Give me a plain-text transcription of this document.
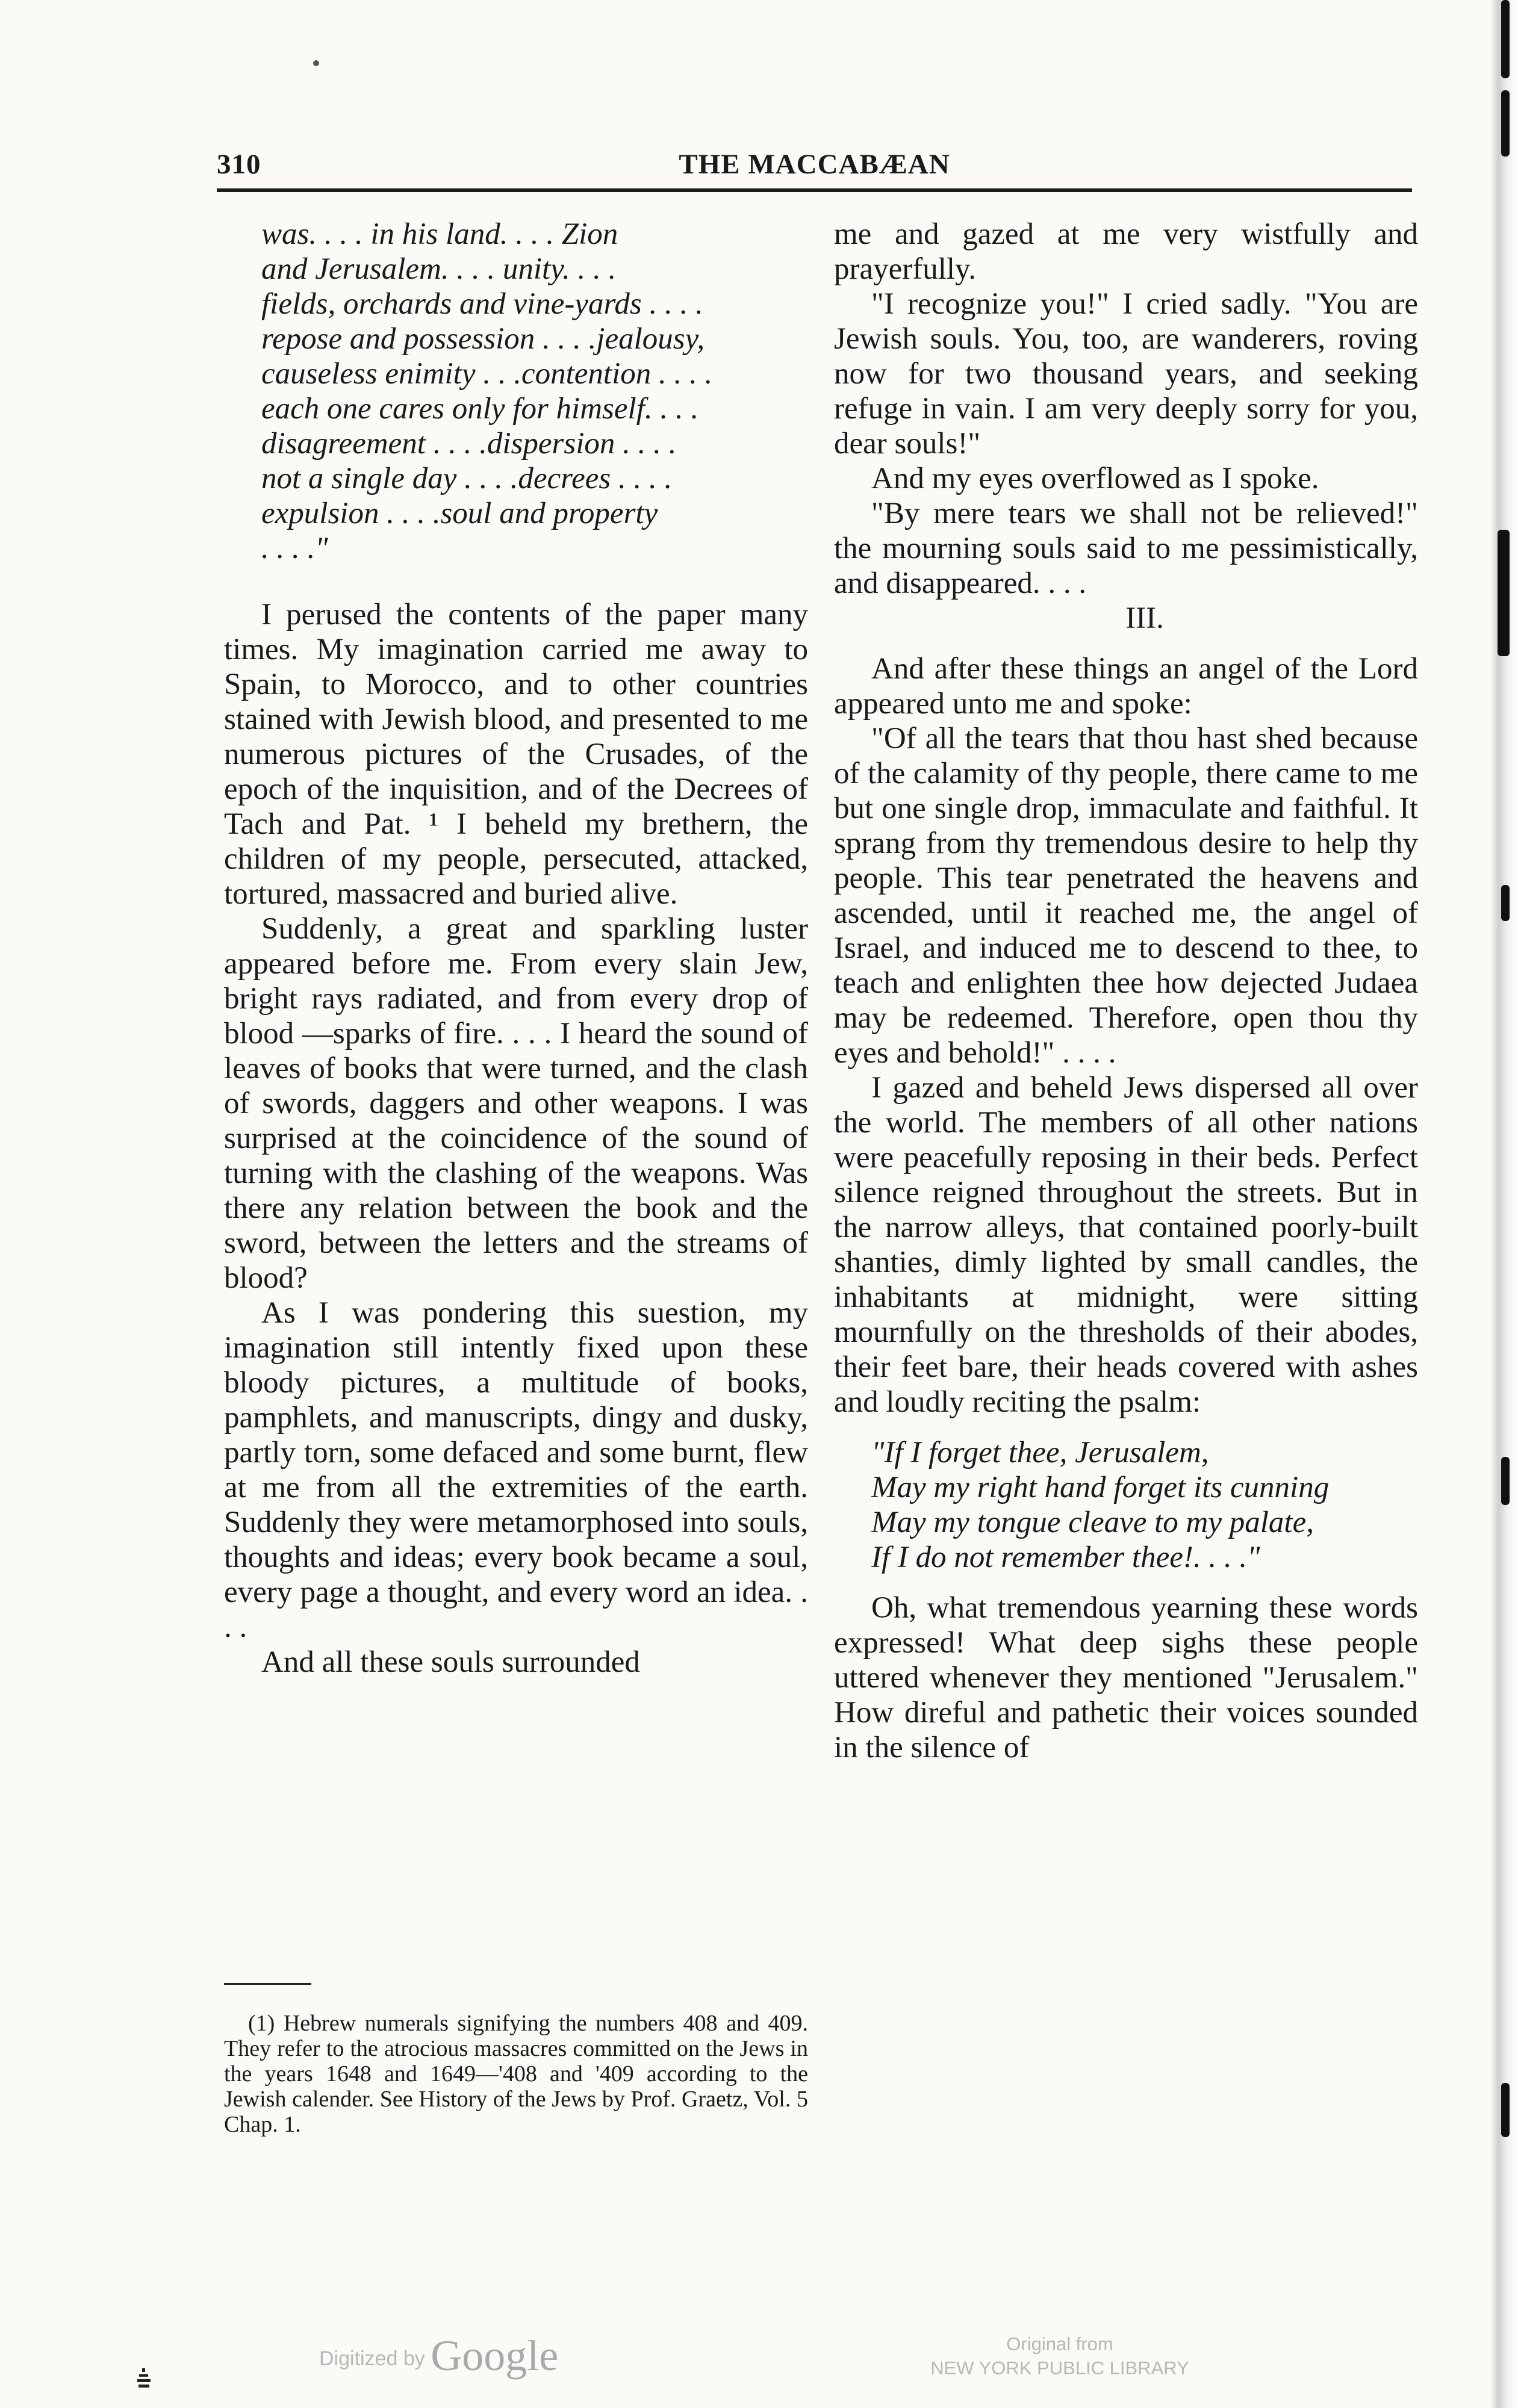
310	THE MACCABÆAN

was. . . . in his land. . . . Zion

and Jerusalem. . . . unity. . . .

fields, orchards and vine-yards . . . .

repose and possession . . . .jealousy,

causeless enimity . . .contention . . . .

each one cares only for himself. . . .

disagreement . . . .dispersion . . . .

not a single day . . . .decrees . . . .

expulsion . . . .soul and property

. . . ."

I perused the contents of the paper many times. My imagination carried me away to Spain, to Morocco, and to other countries stained with Jewish blood, and presented to me numerous pictures of the Crusades, of the epoch of the inquisition, and of the Decrees of Tach and Pat. ¹ I beheld my brethern, the children of my people, persecuted, attacked, tortured, massacred and buried alive.

Suddenly, a great and sparkling luster appeared before me. From every slain Jew, bright rays radiated, and from every drop of blood —sparks of fire. . . . I heard the sound of leaves of books that were turned, and the clash of swords, daggers and other weapons. I was surprised at the coincidence of the sound of turning with the clashing of the weapons. Was there any relation between the book and the sword, between the letters and the streams of blood?

As I was pondering this suestion, my imagination still intently fixed upon these bloody pictures, a multitude of books, pamphlets, and manuscripts, dingy and dusky, partly torn, some defaced and some burnt, flew at me from all the extremities of the earth. Suddenly they were metamorphosed into souls, thoughts and ideas; every book became a soul, every page a thought, and every word an idea. . . .

And all these souls surrounded

(1) Hebrew numerals signifying the numbers 408 and 409. They refer to the atrocious massacres committed on the Jews in the years 1648 and 1649—'408 and '409 according to the Jewish calender. See History of the Jews by Prof. Graetz, Vol. 5 Chap. 1.

me and gazed at me very wistfully and prayerfully.

"I recognize you!" I cried sadly. "You are Jewish souls. You, too, are wanderers, roving now for two thousand years, and seeking refuge in vain. I am very deeply sorry for you, dear souls!"

And my eyes overflowed as I spoke.

"By mere tears we shall not be relieved!" the mourning souls said to me pessimistically, and disappeared. . . .

III.

And after these things an angel of the Lord appeared unto me and spoke:

"Of all the tears that thou hast shed because of the calamity of thy people, there came to me but one single drop, immaculate and faithful. It sprang from thy tremendous desire to help thy people. This tear penetrated the heavens and ascended, until it reached me, the angel of Israel, and induced me to descend to thee, to teach and enlighten thee how dejected Judaea may be redeemed. Therefore, open thou thy eyes and behold!" . . . .

I gazed and beheld Jews dispersed all over the world. The members of all other nations were peacefully reposing in their beds. Perfect silence reigned throughout the streets. But in the narrow alleys, that contained poorly-built shanties, dimly lighted by small candles, the inhabitants at midnight, were sitting mournfully on the thresholds of their abodes, their feet bare, their heads covered with ashes and loudly reciting the psalm:

"If I forget thee, Jerusalem,

May my right hand forget its cunning

May my tongue cleave to my palate,

If I do not remember thee!. . . ."

Oh, what tremendous yearning these words expressed! What deep sighs these people uttered whenever they mentioned "Jerusalem." How direful and pathetic their voices sounded in the silence of

Digitized by Google	Original from
NEW YORK PUBLIC LIBRARY
